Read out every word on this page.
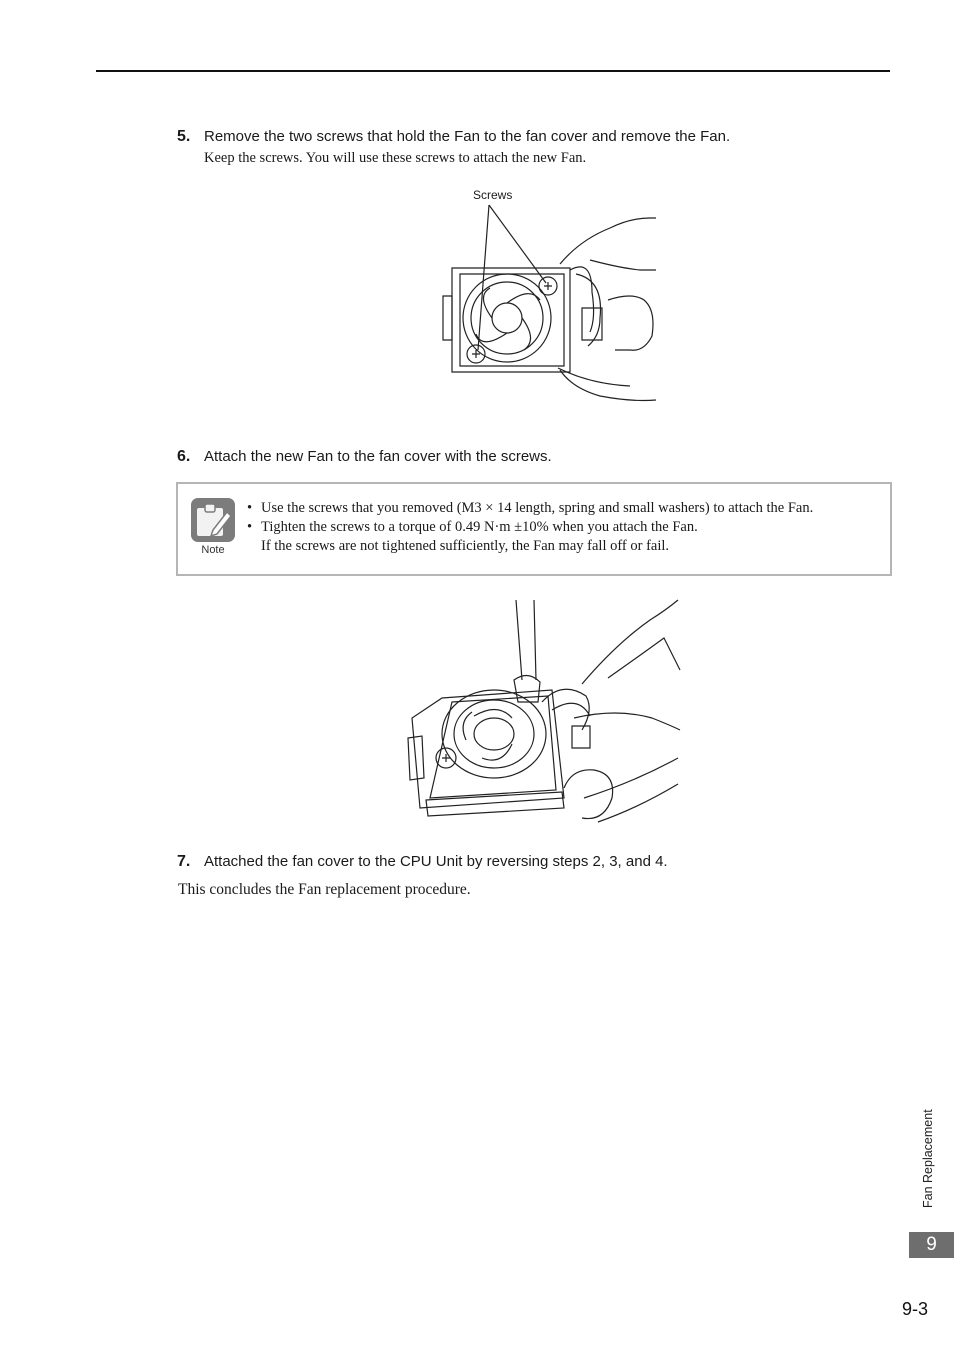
5. Remove the two screws that hold the Fan to the fan cover and remove the Fan.
Keep the screws. You will use these screws to attach the new Fan.
Screws
6. Attach the new Fan to the fan cover with the screws.
Note
• Use the screws that you removed (M3 × 14 length, spring and small washers) to attach the Fan.
• Tighten the screws to a torque of 0.49 N·m ±10% when you attach the Fan.
If the screws are not tightened sufficiently, the Fan may fall off or fail.
7. Attached the fan cover to the CPU Unit by reversing steps 2, 3, and 4.
This concludes the Fan replacement procedure.
Fan Replacement
9
9-3
